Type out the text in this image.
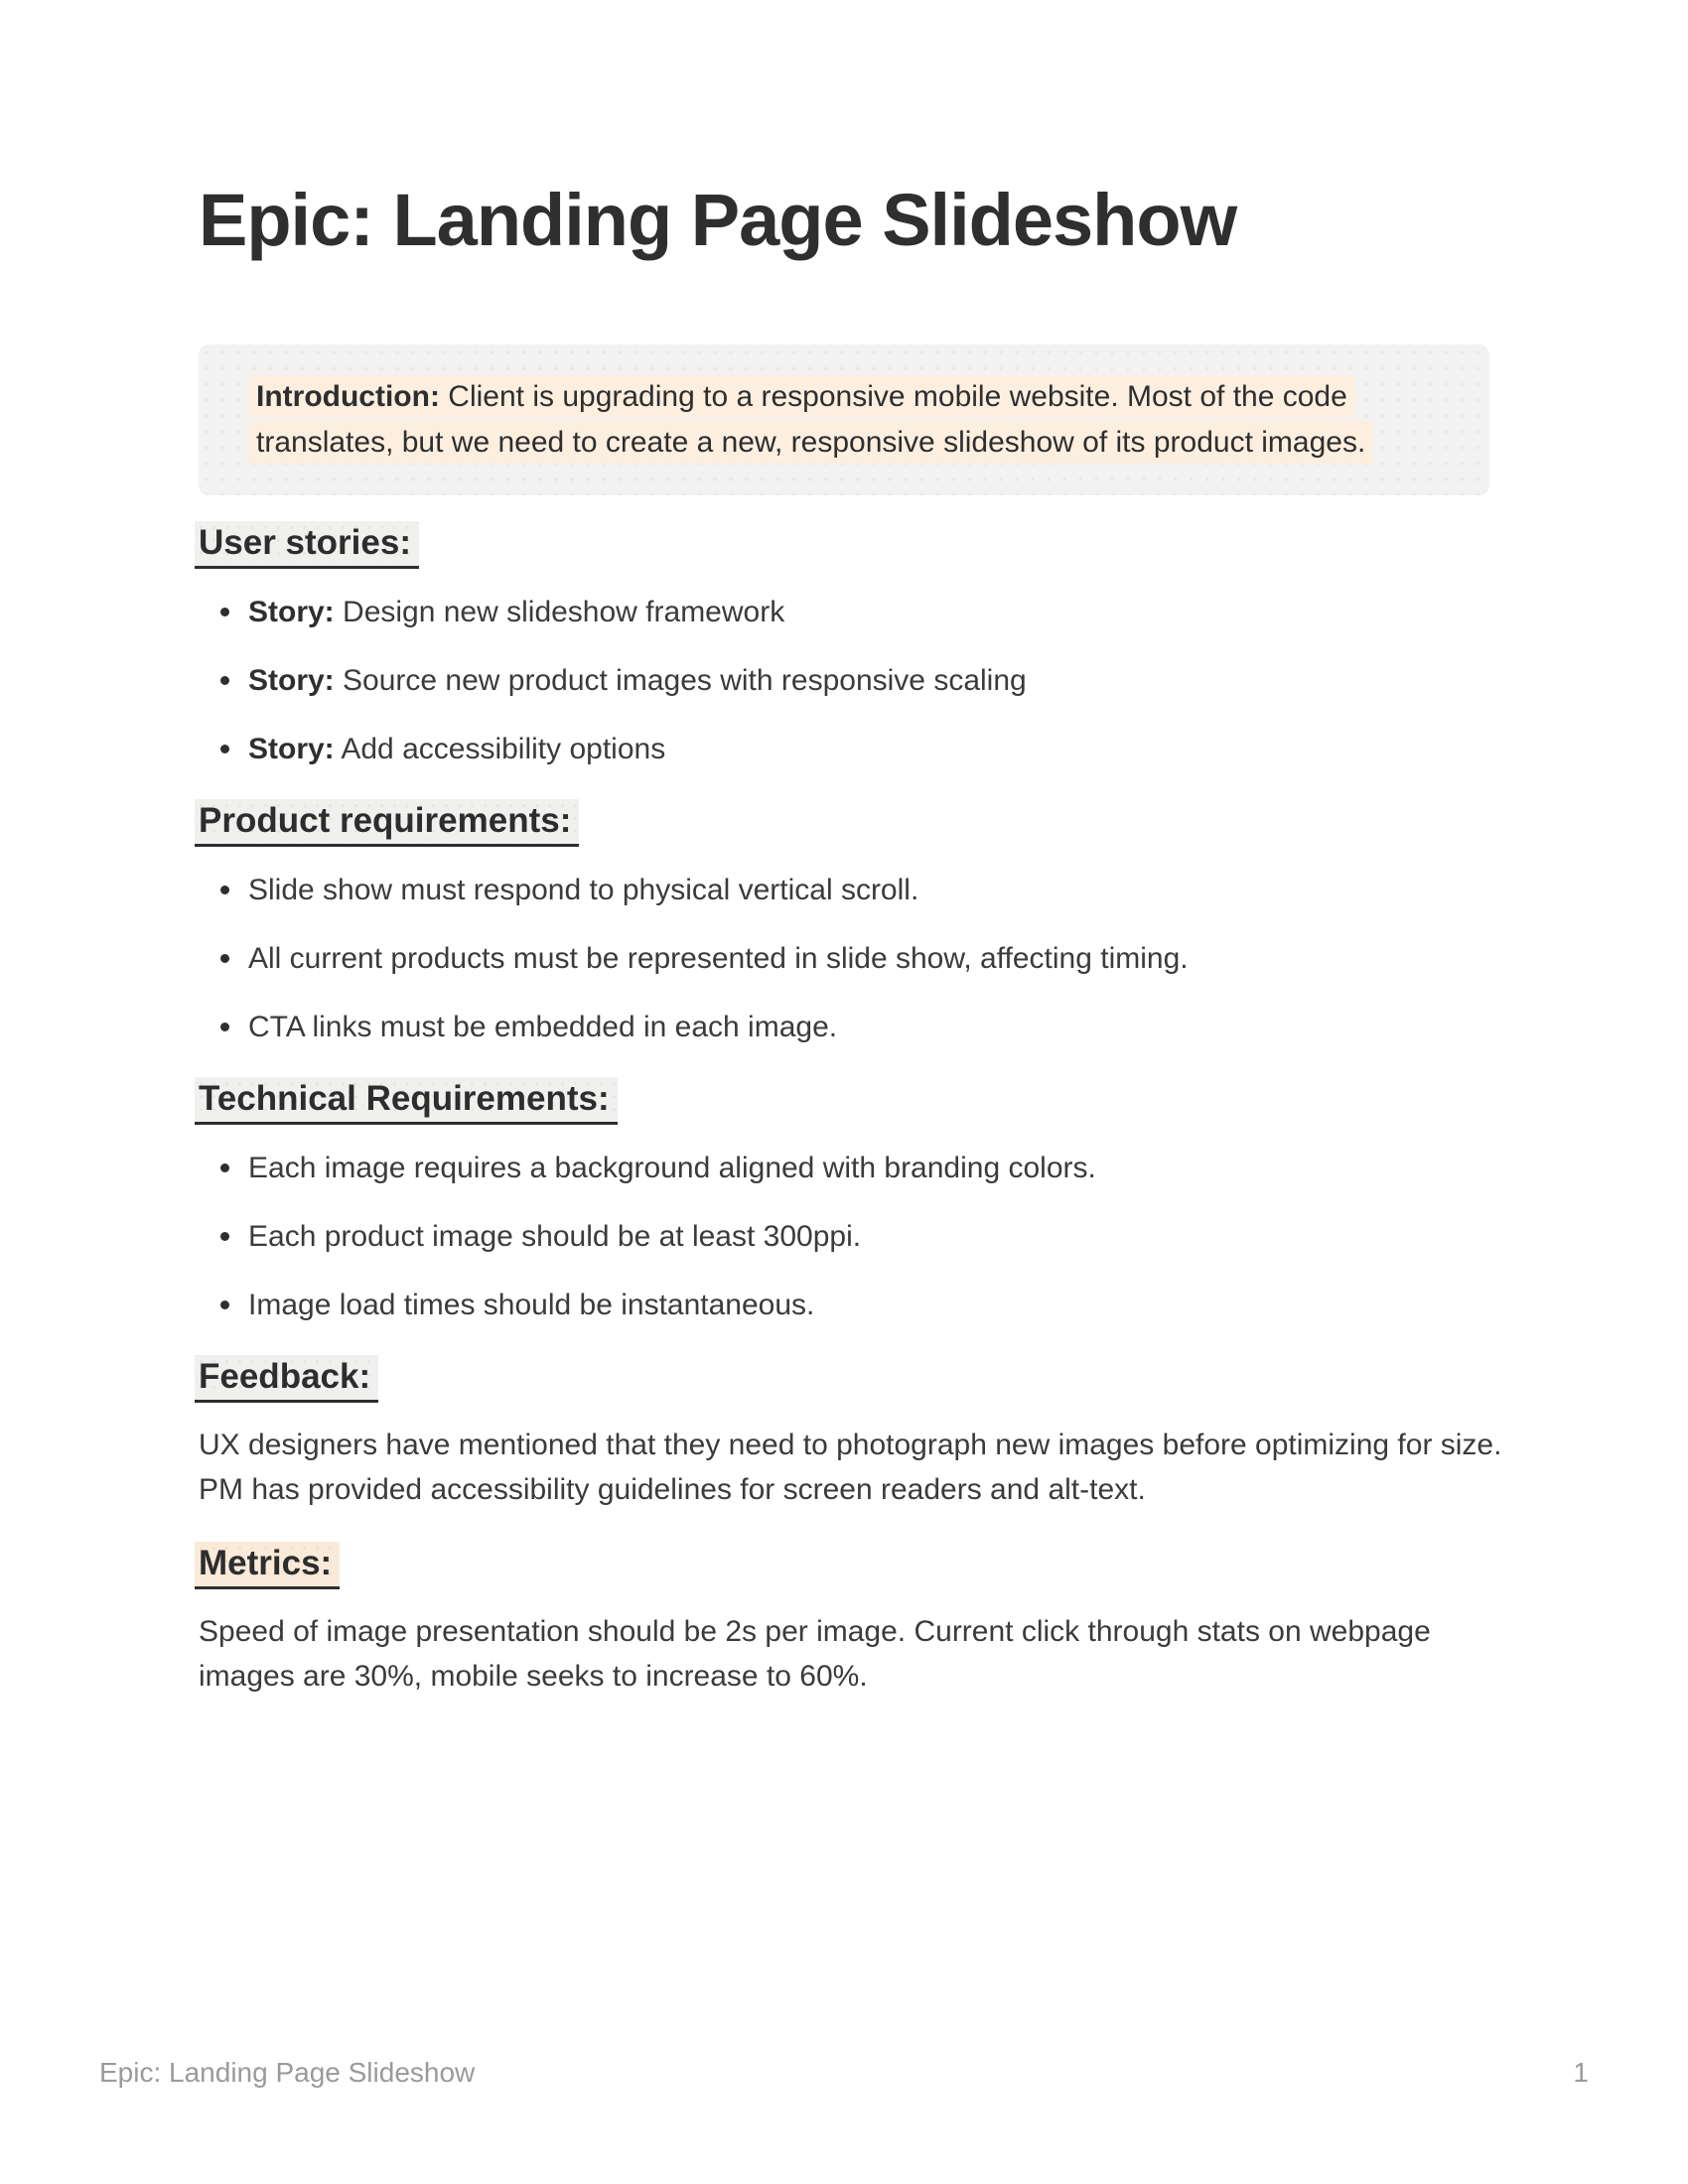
Epic: Landing Page Slideshow

Introduction: Client is upgrading to a responsive mobile website. Most of the code translates, but we need to create a new, responsive slideshow of its product images.

User stories:
Story: Design new slideshow framework
Story: Source new product images with responsive scaling
Story: Add accessibility options
Product requirements:
Slide show must respond to physical vertical scroll.
All current products must be represented in slide show, affecting timing.
CTA links must be embedded in each image.
Technical Requirements:
Each image requires a background aligned with branding colors.
Each product image should be at least 300ppi.
Image load times should be instantaneous.
Feedback:

UX designers have mentioned that they need to photograph new images before optimizing for size. PM has provided accessibility guidelines for screen readers and alt-text.

Metrics:

Speed of image presentation should be 2s per image. Current click through stats on webpage images are 30%, mobile seeks to increase to 60%.

Epic: Landing Page Slideshow	1
